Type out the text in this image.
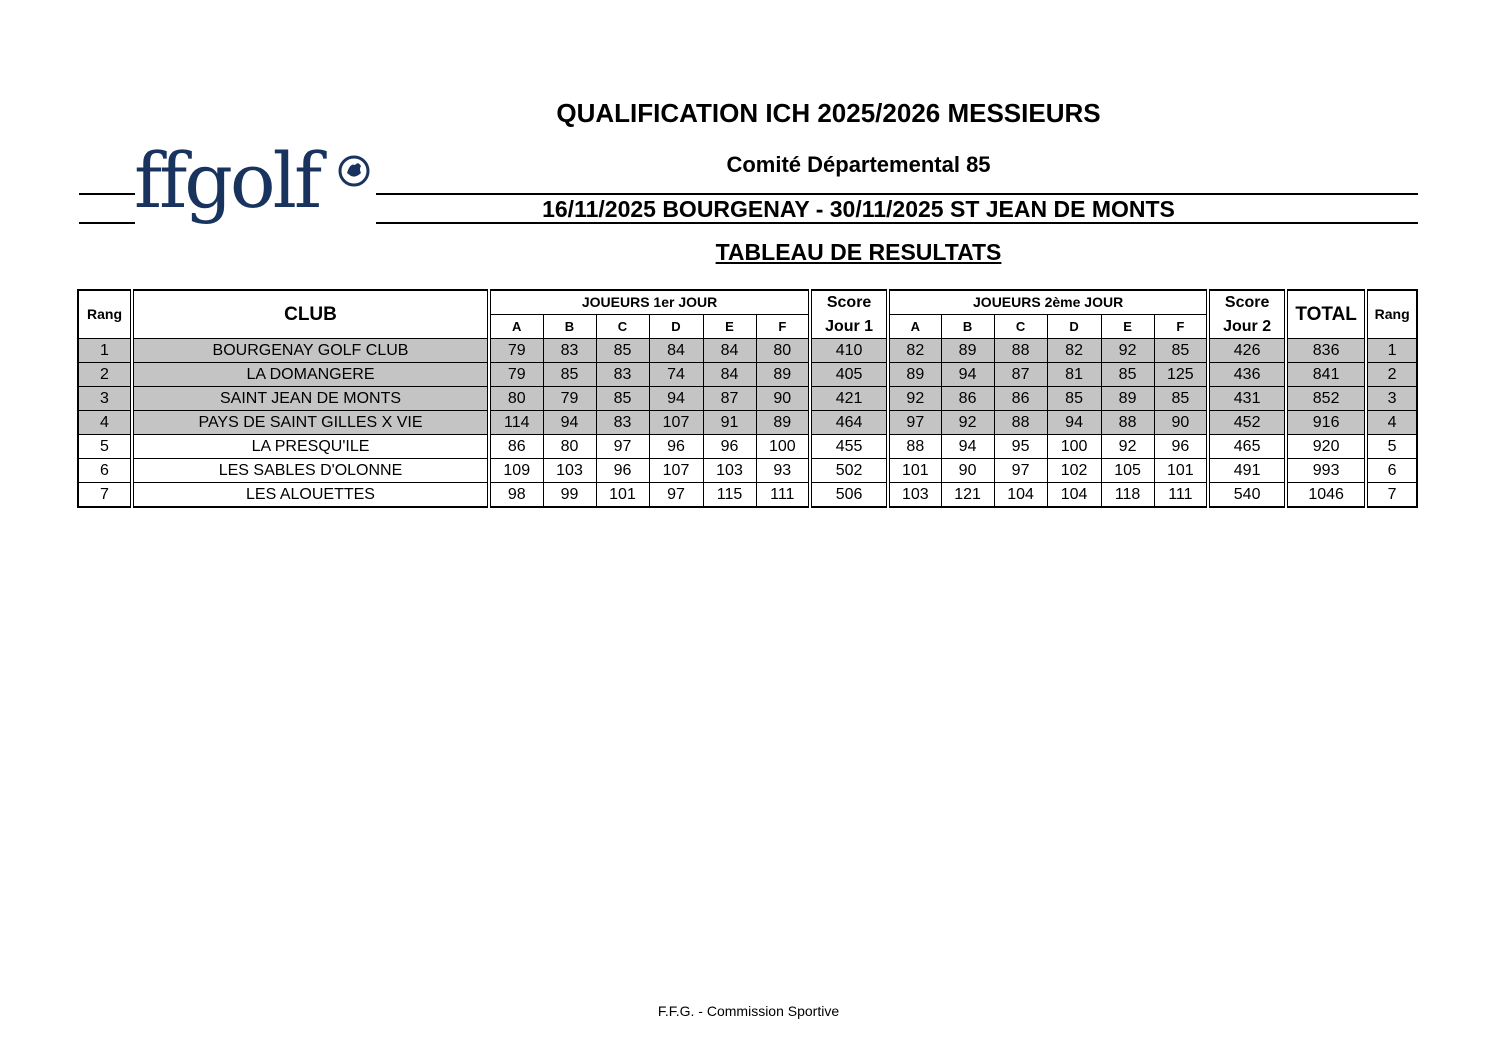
QUALIFICATION ICH 2025/2026 MESSIEURS
Comité Départemental 85
16/11/2025 BOURGENAY - 30/11/2025 ST JEAN DE MONTS
TABLEAU DE RESULTATS
ffgolf
Rang	CLUB	JOUEURS 1er JOUR						Score	JOUEURS 2ème JOUR						Score	TOTAL	Rang
		A	B	C	D	E	F	Jour 1	A	B	C	D	E	F	Jour 2		
1	BOURGENAY GOLF CLUB	79	83	85	84	84	80	410	82	89	88	82	92	85	426	836	1
2	LA DOMANGERE	79	85	83	74	84	89	405	89	94	87	81	85	125	436	841	2
3	SAINT JEAN DE MONTS	80	79	85	94	87	90	421	92	86	86	85	89	85	431	852	3
4	PAYS DE SAINT GILLES X VIE	114	94	83	107	91	89	464	97	92	88	94	88	90	452	916	4
5	LA PRESQU'ILE	86	80	97	96	96	100	455	88	94	95	100	92	96	465	920	5
6	LES SABLES D'OLONNE	109	103	96	107	103	93	502	101	90	97	102	105	101	491	993	6
7	LES ALOUETTES	98	99	101	97	115	111	506	103	121	104	104	118	111	540	1046	7
F.F.G. - Commission Sportive
